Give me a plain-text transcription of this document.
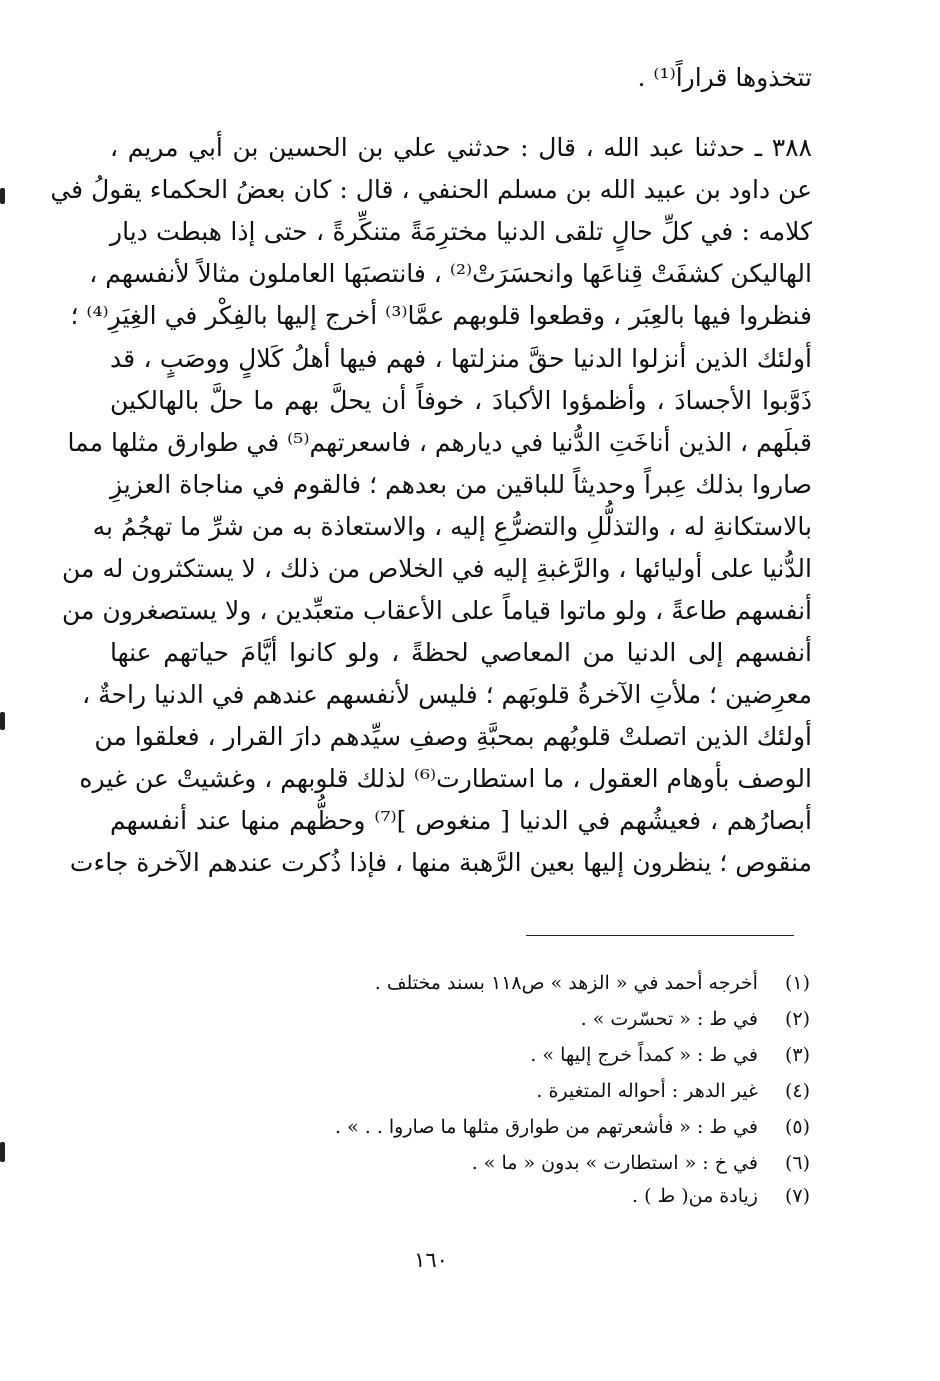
تتخذوها قراراً⁽¹⁾ .
٣٨٨ ـ حدثنا عبد الله ، قال : حدثني علي بن الحسين بن أبي مريم ،
عن داود بن عبيد الله بن مسلم الحنفي ، قال : كان بعضُ الحكماء يقولُ في
كلامه : في كلِّ حالٍ تلقى الدنيا مخترِمَةً متنكِّرةً ، حتى إذا هبطت ديار
الهاليكن كشفَتْ قِناعَها وانحسَرَتْ⁽²⁾ ، فانتصبَها العاملون مثالاً لأنفسهم ،
فنظروا فيها بالعِبَر ، وقطعوا قلوبهم عمَّا⁽³⁾ أخرج إليها بالفِكْر في الغِيَرِ⁽⁴⁾ ؛
أولئك الذين أنزلوا الدنيا حقَّ منزلتها ، فهم فيها أهلُ كَلالٍ ووصَبٍ ، قد
ذَوَّبوا الأجسادَ ، وأظمؤوا الأكبادَ ، خوفاً أن يحلَّ بهم ما حلَّ بالهالكين
قبلَهم ، الذين أناخَتِ الدُّنيا في ديارهم ، فاسعرتهم⁽⁵⁾ في طوارق مثلها مما
صاروا بذلك عِبراً وحديثاً للباقين من بعدهم ؛ فالقوم في مناجاة العزيزِ
بالاستكانةِ له ، والتذلُّلِ والتضرُّعِ إليه ، والاستعاذة به من شرِّ ما تهجُمُ به
الدُّنيا على أوليائها ، والرَّغبةِ إليه في الخلاص من ذلك ، لا يستكثرون له من
أنفسهم طاعةً ، ولو ماتوا قياماً على الأعقاب متعبِّدين ، ولا يستصغرون من
أنفسهم إلى الدنيا من المعاصي لحظةً ، ولو كانوا أيَّامَ حياتهم عنها
معرِضين ؛ ملأتِ الآخرةُ قلوبَهم ؛ فليس لأنفسهم عندهم في الدنيا راحةٌ ،
أولئك الذين اتصلتْ قلوبُهم بمحبَّةِ وصفِ سيِّدهم دارَ القرار ، فعلقوا من
الوصف بأوهام العقول ، ما استطارت⁽⁶⁾ لذلك قلوبهم ، وغشيتْ عن غيره
أبصارُهم ، فعيشُهم في الدنيا [ منغوص ]⁽⁷⁾ وحظُّهم منها عند أنفسهم
منقوص ؛ ينظرون إليها بعين الرَّهبة منها ، فإذا ذُكرت عندهم الآخرة جاءت
(١) أخرجه أحمد في « الزهد » ص١١٨ بسند مختلف .
(٢) في ط : « تحسّرت » .
(٣) في ط : « كمداً خرج إليها » .
(٤) غير الدهر : أحواله المتغيرة .
(٥) في ط : « فأشعرتهم من طوارق مثلها ما صاروا . . » .
(٦) في خ : « استطارت » بدون « ما » .
(٧) زيادة من( ط ) .
١٦٠
